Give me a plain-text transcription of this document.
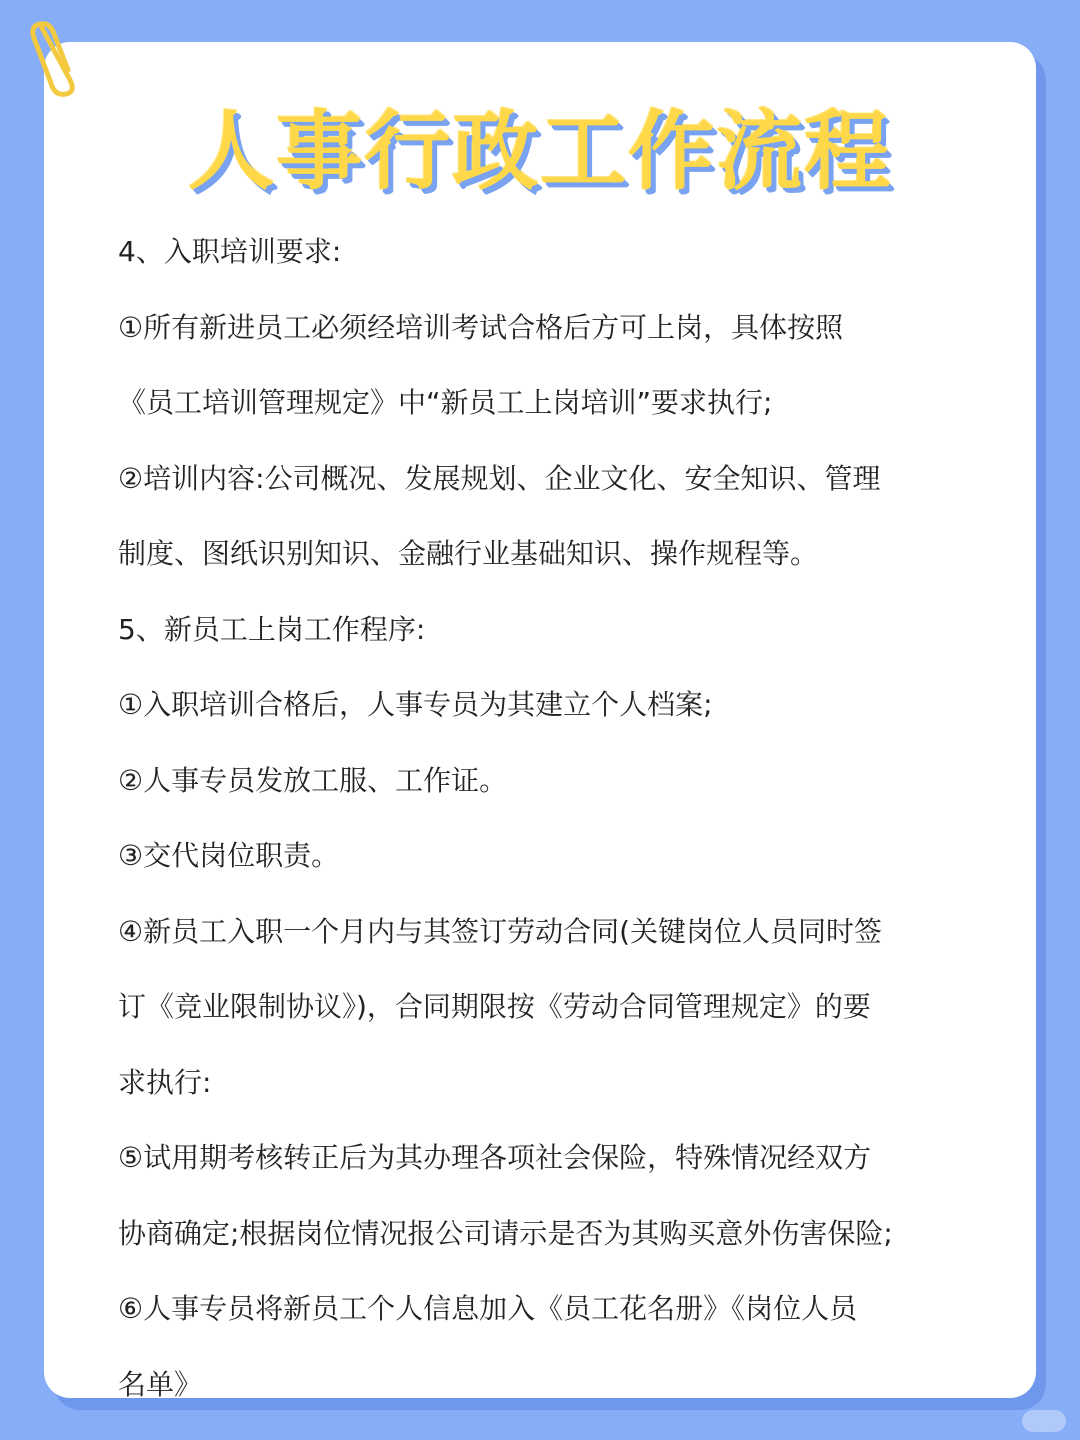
人事行政工作流程
4、入职培训要求:
①所有新进员工必须经培训考试合格后方可上岗，具体按照
《员工培训管理规定》中“新员工上岗培训”要求执行;
②培训内容:公司概况、发展规划、企业文化、安全知识、管理
制度、图纸识别知识、金融行业基础知识、操作规程等。
5、新员工上岗工作程序:
①入职培训合格后，人事专员为其建立个人档案;
②人事专员发放工服、工作证。
③交代岗位职责。
④新员工入职一个月内与其签订劳动合同(关键岗位人员同时签
订《竞业限制协议》)，合同期限按《劳动合同管理规定》的要
求执行:
⑤试用期考核转正后为其办理各项社会保险，特殊情况经双方
协商确定;根据岗位情况报公司请示是否为其购买意外伤害保险;
⑥人事专员将新员工个人信息加入《员工花名册》《岗位人员
名单》
